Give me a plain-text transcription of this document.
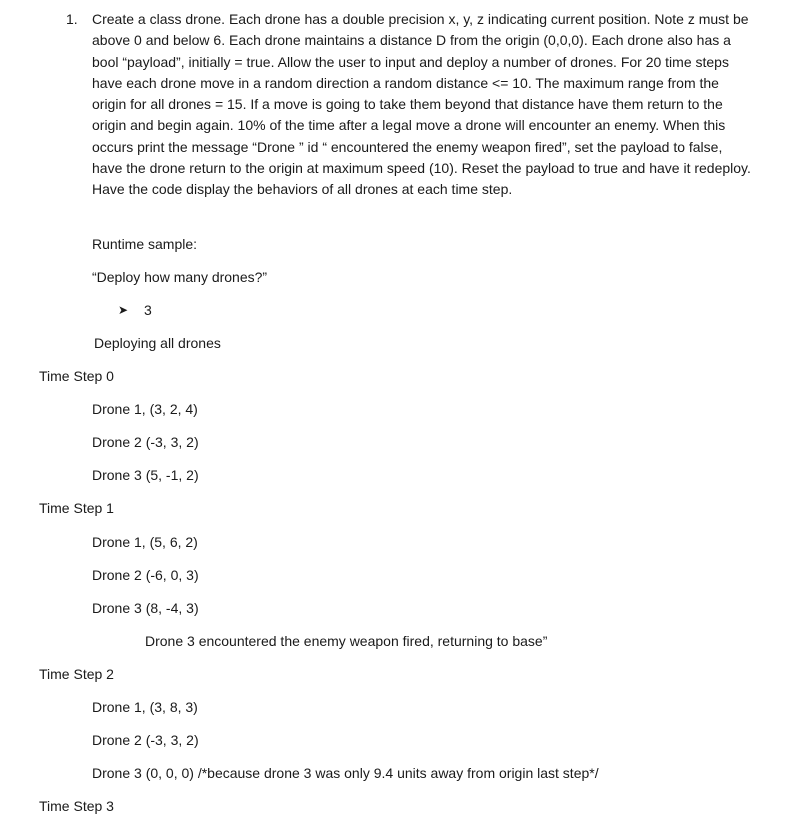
1. Create a class drone. Each drone has a double precision x, y, z indicating current position. Note z must be above 0 and below 6. Each drone maintains a distance D from the origin (0,0,0). Each drone also has a bool “payload”, initially = true. Allow the user to input and deploy a number of drones. For 20 time steps have each drone move in a random direction a random distance <= 10. The maximum range from the origin for all drones = 15. If a move is going to take them beyond that distance have them return to the origin and begin again. 10% of the time after a legal move a drone will encounter an enemy. When this occurs print the message “Drone ” id “ encountered the enemy weapon fired”, set the payload to false, have the drone return to the origin at maximum speed (10). Reset the payload to true and have it redeploy. Have the code display the behaviors of all drones at each time step.
Runtime sample:
“Deploy how many drones?”
➤ 3
Deploying all drones
Time Step 0
Drone 1, (3, 2, 4)
Drone 2 (-3, 3, 2)
Drone 3 (5, -1, 2)
Time Step 1
Drone 1, (5, 6, 2)
Drone 2 (-6, 0, 3)
Drone 3 (8, -4, 3)
Drone 3 encountered the enemy weapon fired, returning to base”
Time Step 2
Drone 1, (3, 8, 3)
Drone 2 (-3, 3, 2)
Drone 3 (0, 0, 0) /*because drone 3 was only 9.4 units away from origin last step*/
Time Step 3
